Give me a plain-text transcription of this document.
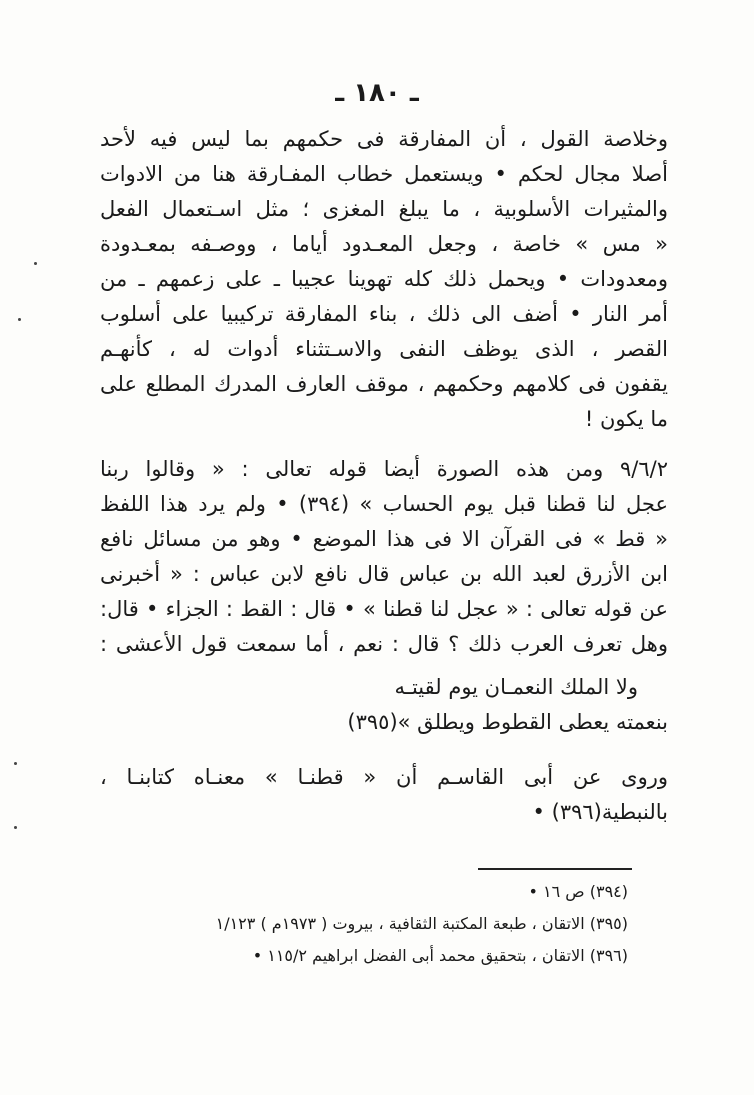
ـ ١٨٠ ـ
وخلاصة القول ، أن المفارقة فى حكمهم بما ليس فيه لأحد
أصلا مجال لحكم • ويستعمل خطاب المفـارقة هنا من الادوات
والمثيرات الأسلوبية ، ما يبلغ المغزى ؛ مثل اسـتعمال الفعل
« مس » خاصة ، وجعل المعـدود أياما ، ووصـفه بمعـدودة
ومعدودات • ويحمل ذلك كله تهوينا عجيبا ـ على زعمهم ـ من
أمر النار • أضف الى ذلك ، بناء المفارقة تركيبيا على أسلوب
القصر ، الذى يوظف النفى والاسـتثناء أدوات له ، كأنهـم
يقفون فى كلامهم وحكمهم ، موقف العارف المدرك المطلع على
ما يكون !
٩/٦/٢ ومن هذه الصورة أيضا قوله تعالى : « وقالوا ربنا
عجل لنا قطنا قبل يوم الحساب » (٣٩٤) • ولم يرد هذا اللفظ
« قط » فى القرآن الا فى هذا الموضع • وهو من مسائل نافع
ابن الأزرق لعبد الله بن عباس قال نافع لابن عباس : « أخبرنى
عن قوله تعالى : « عجل لنا قطنا » • قال : القط : الجزاء • قال:
وهل تعرف العرب ذلك ؟ قال : نعم ، أما سمعت قول الأعشى :
ولا الملك النعمـان يوم لقيتـه
بنعمته يعطى القطوط ويطلق »(٣٩٥)
وروى عن أبى القاسـم أن « قطنـا » معنـاه كتابنـا ،
بالنبطية(٣٩٦) •
(٣٩٤) ص ١٦ •
(٣٩٥) الاتقان ، طبعة المكتبة الثقافية ، بيروت ( ١٩٧٣م ) ١/١٢٣
(٣٩٦) الاتقان ، بتحقيق محمد أبى الفضل ابراهيم ١١٥/٢ •
